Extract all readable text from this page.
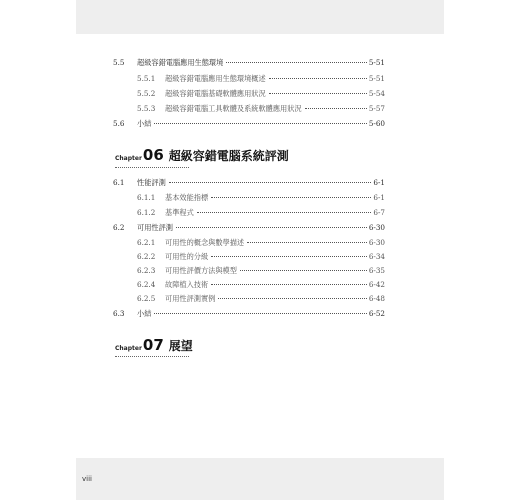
5.5	超級容錯電腦應用生態環境	5-51
5.5.1	超級容錯電腦應用生態環境概述	5-51
5.5.2	超級容錯電腦基礎軟體應用狀況	5-54
5.5.3	超級容錯電腦工具軟體及系統軟體應用狀況	5-57
5.6	小結	5-60
Chapter 06 超級容錯電腦系統評測
6.1	性能評測	6-1
6.1.1	基本效能指標	6-1
6.1.2	基準程式	6-7
6.2	可用性評測	6-30
6.2.1	可用性的概念與數學描述	6-30
6.2.2	可用性的分級	6-34
6.2.3	可用性評價方法與模型	6-35
6.2.4	故障植入技術	6-42
6.2.5	可用性評測實例	6-48
6.3	小結	6-52
Chapter 07 展望
viii
